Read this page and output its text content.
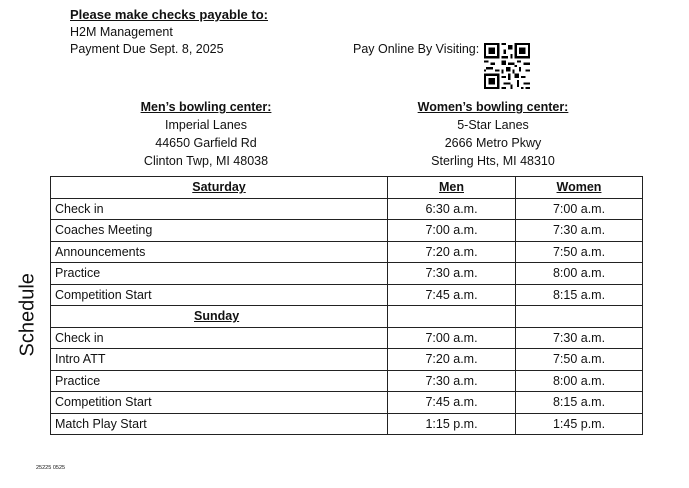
Please make checks payable to:
H2M Management
Payment Due Sept. 8, 2025	Pay Online By Visiting:
Men’s bowling center:
Imperial Lanes
44650 Garfield Rd
Clinton Twp, MI 48038
Women’s bowling center:
5-Star Lanes
2666 Metro Pkwy
Sterling Hts, MI 48310
Schedule
Saturday	Men	Women
Check in	6:30 a.m.	7:00 a.m.
Coaches Meeting	7:00 a.m.	7:30 a.m.
Announcements	7:20 a.m.	7:50 a.m.
Practice	7:30 a.m.	8:00 a.m.
Competition Start	7:45 a.m.	8:15 a.m.
Sunday		
Check in	7:00 a.m.	7:30 a.m.
Intro ATT	7:20 a.m.	7:50 a.m.
Practice	7:30 a.m.	8:00 a.m.
Competition Start	7:45 a.m.	8:15 a.m.
Match Play Start	1:15 p.m.	1:45 p.m.
25225 0525
